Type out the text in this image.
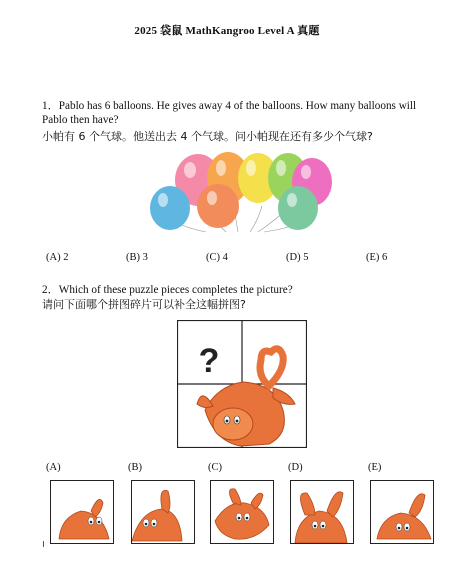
2025 袋鼠 MathKangroo Level A 真题
1．Pablo has 6 balloons. He gives away 4 of the balloons. How many balloons will
Pablo then have?
小帕有 6 个气球。他送出去 4 个气球。问小帕现在还有多少个气球?
(A) 2	(B) 3	(C) 4	(D) 5	(E) 6
2．Which of these puzzle pieces completes the picture?
请问下面哪个拼图碎片可以补全这幅拼图?
?
(A)	(B)	(C)	(D)	(E)
